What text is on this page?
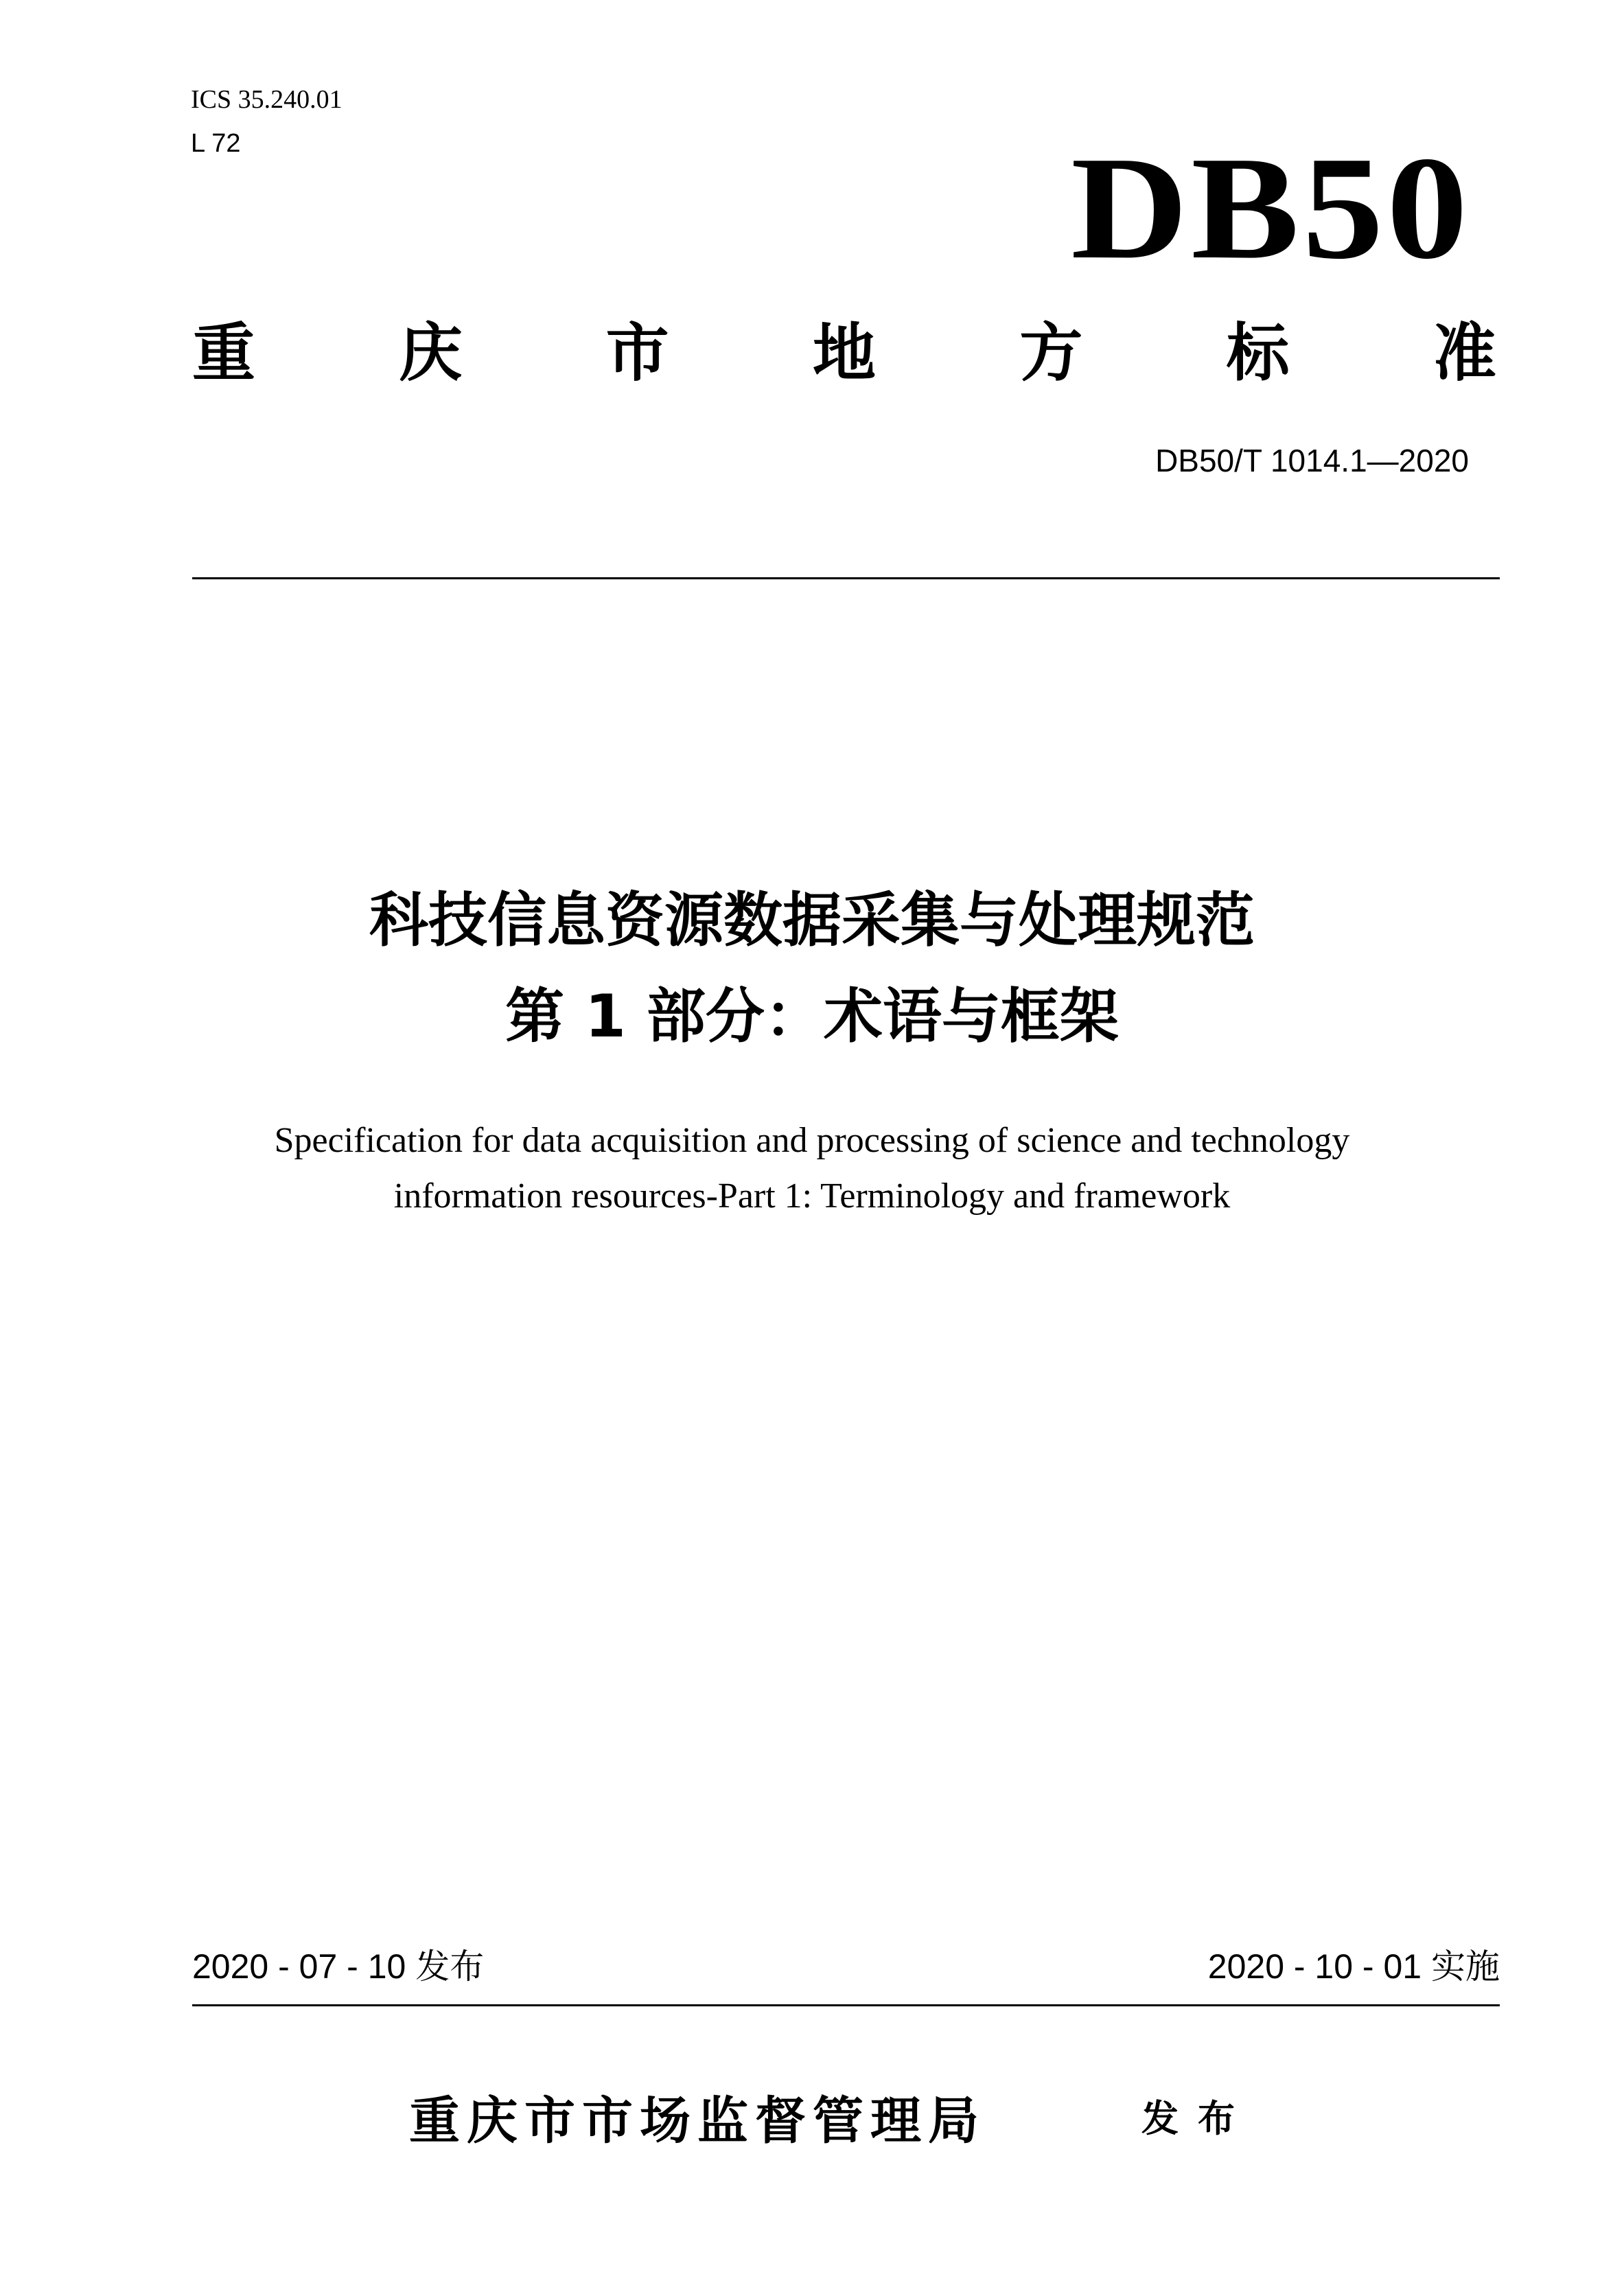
ICS 35.240.01
L 72	DB50
重 庆 市 地 方 标 准
DB50/T 1014.1—2020
科技信息资源数据采集与处理规范
第 1 部分：术语与框架
Specification for data acquisition and processing of science and technology
information resources-Part 1: Terminology and framework
2020 - 07 - 10 发布	2020 - 10 - 01 实施
重庆市市场监督管理局	发布
